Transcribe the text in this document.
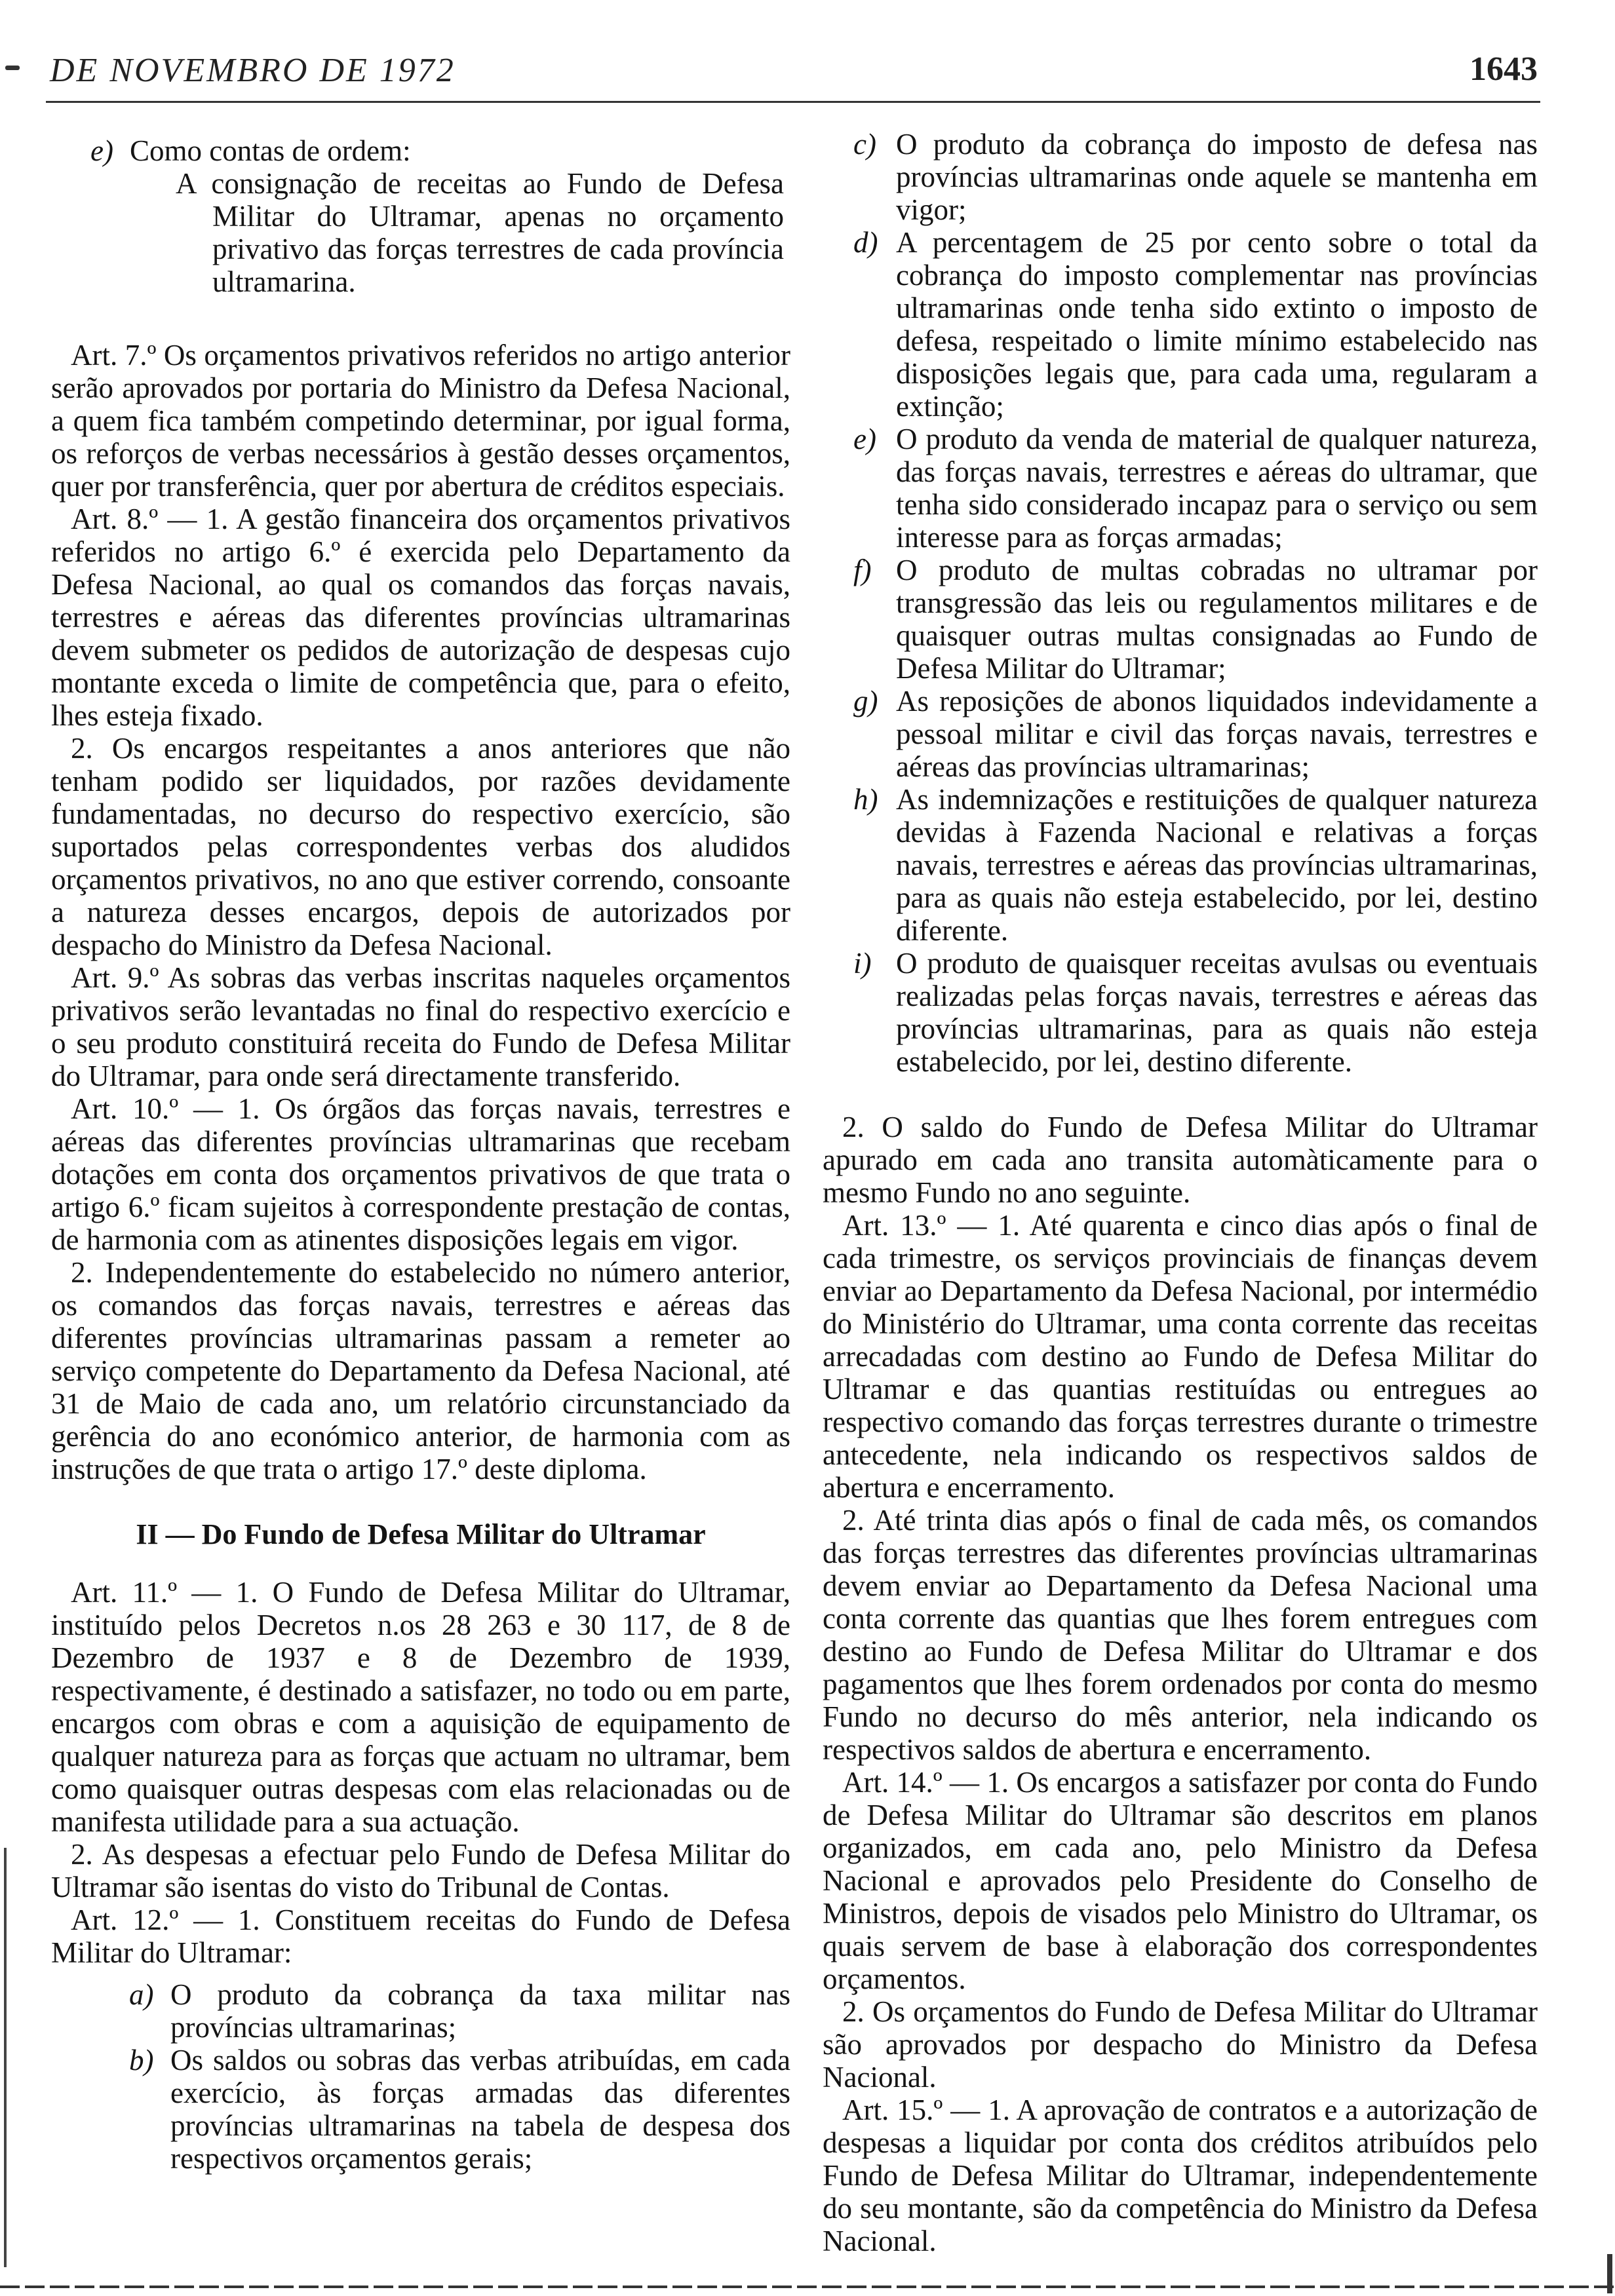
DE NOVEMBRO DE 1972	1643

e) Como contas de ordem:

A consignação de receitas ao Fundo de Defesa Militar do Ultramar, apenas no orçamento privativo das forças terrestres de cada província ultramarina.

Art. 7.º Os orçamentos privativos referidos no artigo anterior serão aprovados por portaria do Ministro da Defesa Nacional, a quem fica também competindo determinar, por igual forma, os reforços de verbas necessários à gestão desses orçamentos, quer por transferência, quer por abertura de créditos especiais.

Art. 8.º — 1. A gestão financeira dos orçamentos privativos referidos no artigo 6.º é exercida pelo Departamento da Defesa Nacional, ao qual os comandos das forças navais, terrestres e aéreas das diferentes províncias ultramarinas devem submeter os pedidos de autorização de despesas cujo montante exceda o limite de competência que, para o efeito, lhes esteja fixado.

2. Os encargos respeitantes a anos anteriores que não tenham podido ser liquidados, por razões devidamente fundamentadas, no decurso do respectivo exercício, são suportados pelas correspondentes verbas dos aludidos orçamentos privativos, no ano que estiver correndo, consoante a natureza desses encargos, depois de autorizados por despacho do Ministro da Defesa Nacional.

Art. 9.º As sobras das verbas inscritas naqueles orçamentos privativos serão levantadas no final do respectivo exercício e o seu produto constituirá receita do Fundo de Defesa Militar do Ultramar, para onde será directamente transferido.

Art. 10.º — 1. Os órgãos das forças navais, terrestres e aéreas das diferentes províncias ultramarinas que recebam dotações em conta dos orçamentos privativos de que trata o artigo 6.º ficam sujeitos à correspondente prestação de contas, de harmonia com as atinentes disposições legais em vigor.

2. Independentemente do estabelecido no número anterior, os comandos das forças navais, terrestres e aéreas das diferentes províncias ultramarinas passam a remeter ao serviço competente do Departamento da Defesa Nacional, até 31 de Maio de cada ano, um relatório circunstanciado da gerência do ano económico anterior, de harmonia com as instruções de que trata o artigo 17.º deste diploma.

II — Do Fundo de Defesa Militar do Ultramar

Art. 11.º — 1. O Fundo de Defesa Militar do Ultramar, instituído pelos Decretos n.os 28 263 e 30 117, de 8 de Dezembro de 1937 e 8 de Dezembro de 1939, respectivamente, é destinado a satisfazer, no todo ou em parte, encargos com obras e com a aquisição de equipamento de qualquer natureza para as forças que actuam no ultramar, bem como quaisquer outras despesas com elas relacionadas ou de manifesta utilidade para a sua actuação.

2. As despesas a efectuar pelo Fundo de Defesa Militar do Ultramar são isentas do visto do Tribunal de Contas.

Art. 12.º — 1. Constituem receitas do Fundo de Defesa Militar do Ultramar:

a) O produto da cobrança da taxa militar nas províncias ultramarinas;

b) Os saldos ou sobras das verbas atribuídas, em cada exercício, às forças armadas das diferentes províncias ultramarinas na tabela de despesa dos respectivos orçamentos gerais;

c) O produto da cobrança do imposto de defesa nas províncias ultramarinas onde aquele se mantenha em vigor;

d) A percentagem de 25 por cento sobre o total da cobrança do imposto complementar nas províncias ultramarinas onde tenha sido extinto o imposto de defesa, respeitado o limite mínimo estabelecido nas disposições legais que, para cada uma, regularam a extinção;

e) O produto da venda de material de qualquer natureza, das forças navais, terrestres e aéreas do ultramar, que tenha sido considerado incapaz para o serviço ou sem interesse para as forças armadas;

f) O produto de multas cobradas no ultramar por transgressão das leis ou regulamentos militares e de quaisquer outras multas consignadas ao Fundo de Defesa Militar do Ultramar;

g) As reposições de abonos liquidados indevidamente a pessoal militar e civil das forças navais, terrestres e aéreas das províncias ultramarinas;

h) As indemnizações e restituições de qualquer natureza devidas à Fazenda Nacional e relativas a forças navais, terrestres e aéreas das províncias ultramarinas, para as quais não esteja estabelecido, por lei, destino diferente.

i) O produto de quaisquer receitas avulsas ou eventuais realizadas pelas forças navais, terrestres e aéreas das províncias ultramarinas, para as quais não esteja estabelecido, por lei, destino diferente.

2. O saldo do Fundo de Defesa Militar do Ultramar apurado em cada ano transita automàticamente para o mesmo Fundo no ano seguinte.

Art. 13.º — 1. Até quarenta e cinco dias após o final de cada trimestre, os serviços provinciais de finanças devem enviar ao Departamento da Defesa Nacional, por intermédio do Ministério do Ultramar, uma conta corrente das receitas arrecadadas com destino ao Fundo de Defesa Militar do Ultramar e das quantias restituídas ou entregues ao respectivo comando das forças terrestres durante o trimestre antecedente, nela indicando os respectivos saldos de abertura e encerramento.

2. Até trinta dias após o final de cada mês, os comandos das forças terrestres das diferentes províncias ultramarinas devem enviar ao Departamento da Defesa Nacional uma conta corrente das quantias que lhes forem entregues com destino ao Fundo de Defesa Militar do Ultramar e dos pagamentos que lhes forem ordenados por conta do mesmo Fundo no decurso do mês anterior, nela indicando os respectivos saldos de abertura e encerramento.

Art. 14.º — 1. Os encargos a satisfazer por conta do Fundo de Defesa Militar do Ultramar são descritos em planos organizados, em cada ano, pelo Ministro da Defesa Nacional e aprovados pelo Presidente do Conselho de Ministros, depois de visados pelo Ministro do Ultramar, os quais servem de base à elaboração dos correspondentes orçamentos.

2. Os orçamentos do Fundo de Defesa Militar do Ultramar são aprovados por despacho do Ministro da Defesa Nacional.

Art. 15.º — 1. A aprovação de contratos e a autorização de despesas a liquidar por conta dos créditos atribuídos pelo Fundo de Defesa Militar do Ultramar, independentemente do seu montante, são da competência do Ministro da Defesa Nacional.
